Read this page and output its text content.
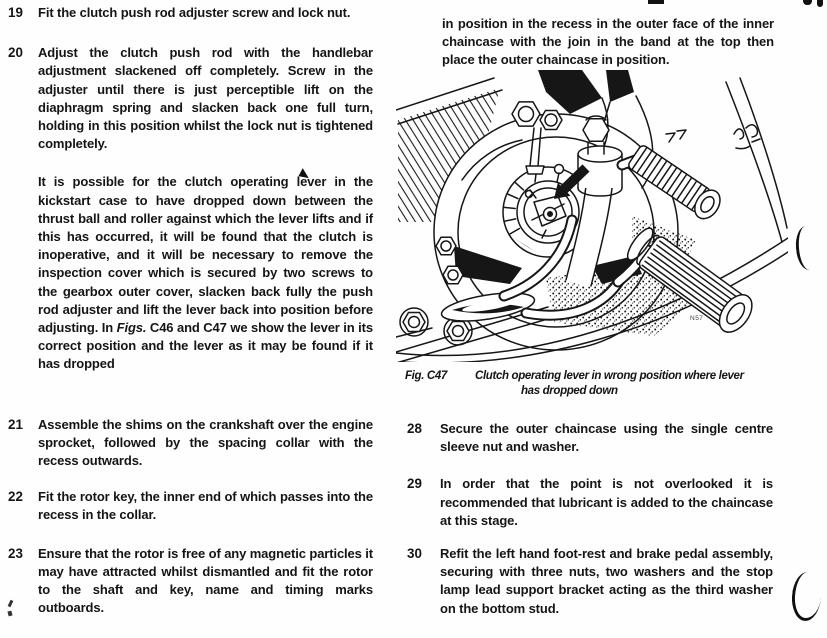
19	Fit the clutch push rod adjuster screw and lock nut.
20	Adjust the clutch push rod with the handlebar adjustment slackened off completely. Screw in the adjuster until there is just perceptible lift on the diaphragm spring and slacken back one full turn, holding in this position whilst the lock nut is tightened completely.
It is possible for the clutch operating lever in the kickstart case to have dropped down between the thrust ball and roller against which the lever lifts and if this has occurred, it will be found that the clutch is inoperative, and it will be necessary to remove the inspection cover which is secured by two screws to the gearbox outer cover, slacken back fully the push rod adjuster and lift the lever back into position before adjusting. In Figs. C46 and C47 we show the lever in its correct position and the lever as it may be found if it has dropped
21	Assemble the shims on the crankshaft over the engine sprocket, followed by the spacing collar with the recess outwards.
22	Fit the rotor key, the inner end of which passes into the recess in the collar.
23	Ensure that the rotor is free of any magnetic particles it may have attracted whilst dismantled and fit the rotor to the shaft and key, name and timing marks outboards.

in position in the recess in the outer face of the inner chaincase with the join in the band at the top then place the outer chaincase in position.

N57
Fig. C47	Clutch operating lever in wrong position where lever
has dropped down
28	Secure the outer chaincase using the single centre sleeve nut and washer.
29	In order that the point is not overlooked it is recommended that lubricant is added to the chaincase at this stage.
30	Refit the left hand foot-rest and brake pedal assembly, securing with three nuts, two washers and the stop lamp lead support bracket acting as the third washer on the bottom stud.
